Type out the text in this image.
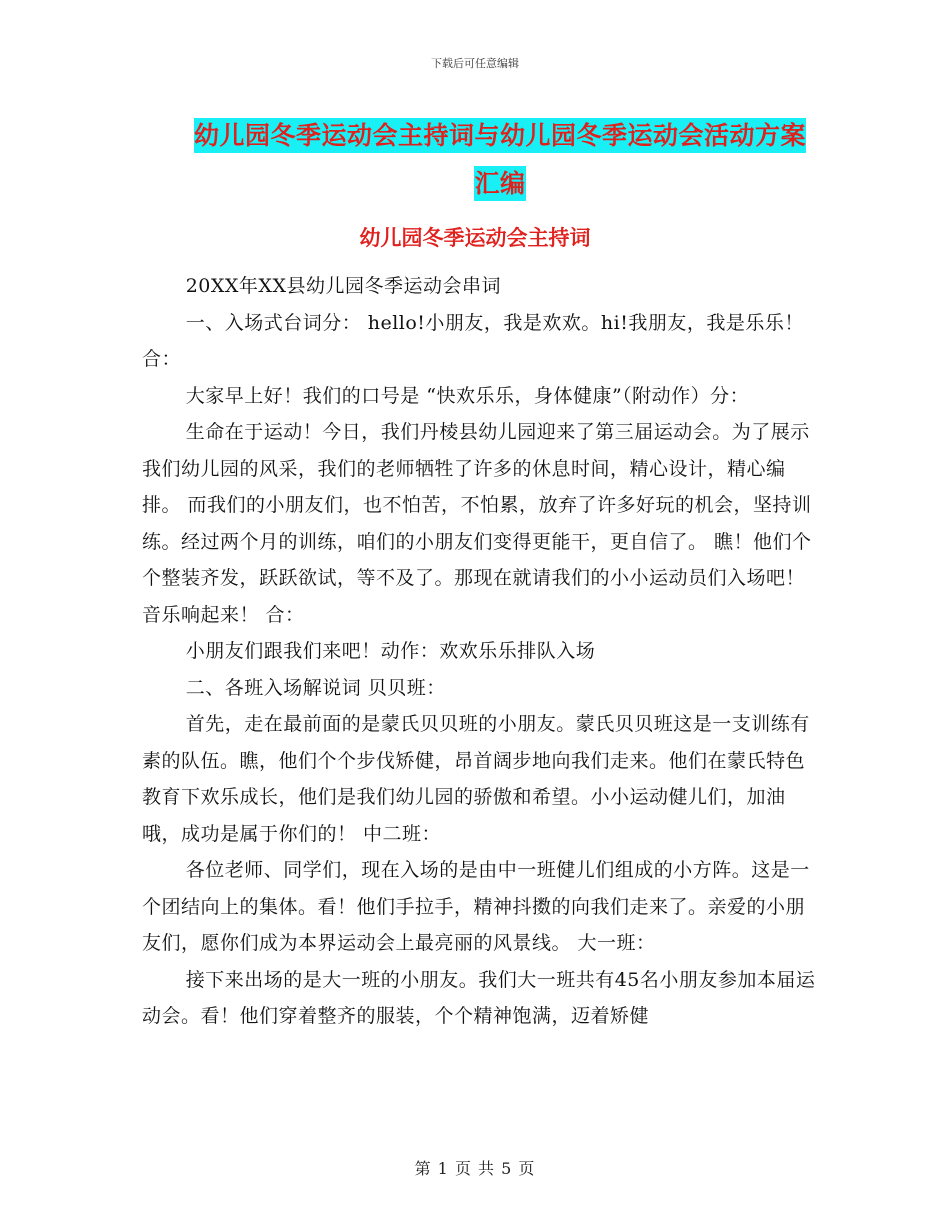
下载后可任意编辑
幼儿园冬季运动会主持词与幼儿园冬季运动会活动方案汇编
幼儿园冬季运动会主持词

20XX年XX县幼儿园冬季运动会串词

一、入场式台词分： hello!小朋友，我是欢欢。hi!我朋友，我是乐乐！合：

大家早上好！我们的口号是 “快欢乐乐，身体健康”（附动作）分：

生命在于运动！今日，我们丹棱县幼儿园迎来了第三届运动会。为了展示我们幼儿园的风采，我们的老师牺牲了许多的休息时间，精心设计，精心编排。 而我们的小朋友们，也不怕苦，不怕累，放弃了许多好玩的机会，坚持训练。经过两个月的训练，咱们的小朋友们变得更能干，更自信了。 瞧！他们个个整装齐发，跃跃欲试，等不及了。那现在就请我们的小小运动员们入场吧！ 音乐响起来！ 合：

小朋友们跟我们来吧！动作：欢欢乐乐排队入场

二、各班入场解说词 贝贝班：

首先，走在最前面的是蒙氏贝贝班的小朋友。蒙氏贝贝班这是一支训练有素的队伍。瞧，他们个个步伐矫健，昂首阔步地向我们走来。他们在蒙氏特色教育下欢乐成长，他们是我们幼儿园的骄傲和希望。小小运动健儿们，加油哦，成功是属于你们的！ 中二班：

各位老师、同学们，现在入场的是由中一班健儿们组成的小方阵。这是一个团结向上的集体。看！他们手拉手，精神抖擞的向我们走来了。亲爱的小朋友们，愿你们成为本界运动会上最亮丽的风景线。 大一班：

接下来出场的是大一班的小朋友。我们大一班共有45名小朋友参加本届运动会。看！他们穿着整齐的服装，个个精神饱满，迈着矫健

第 1 页 共 5 页
